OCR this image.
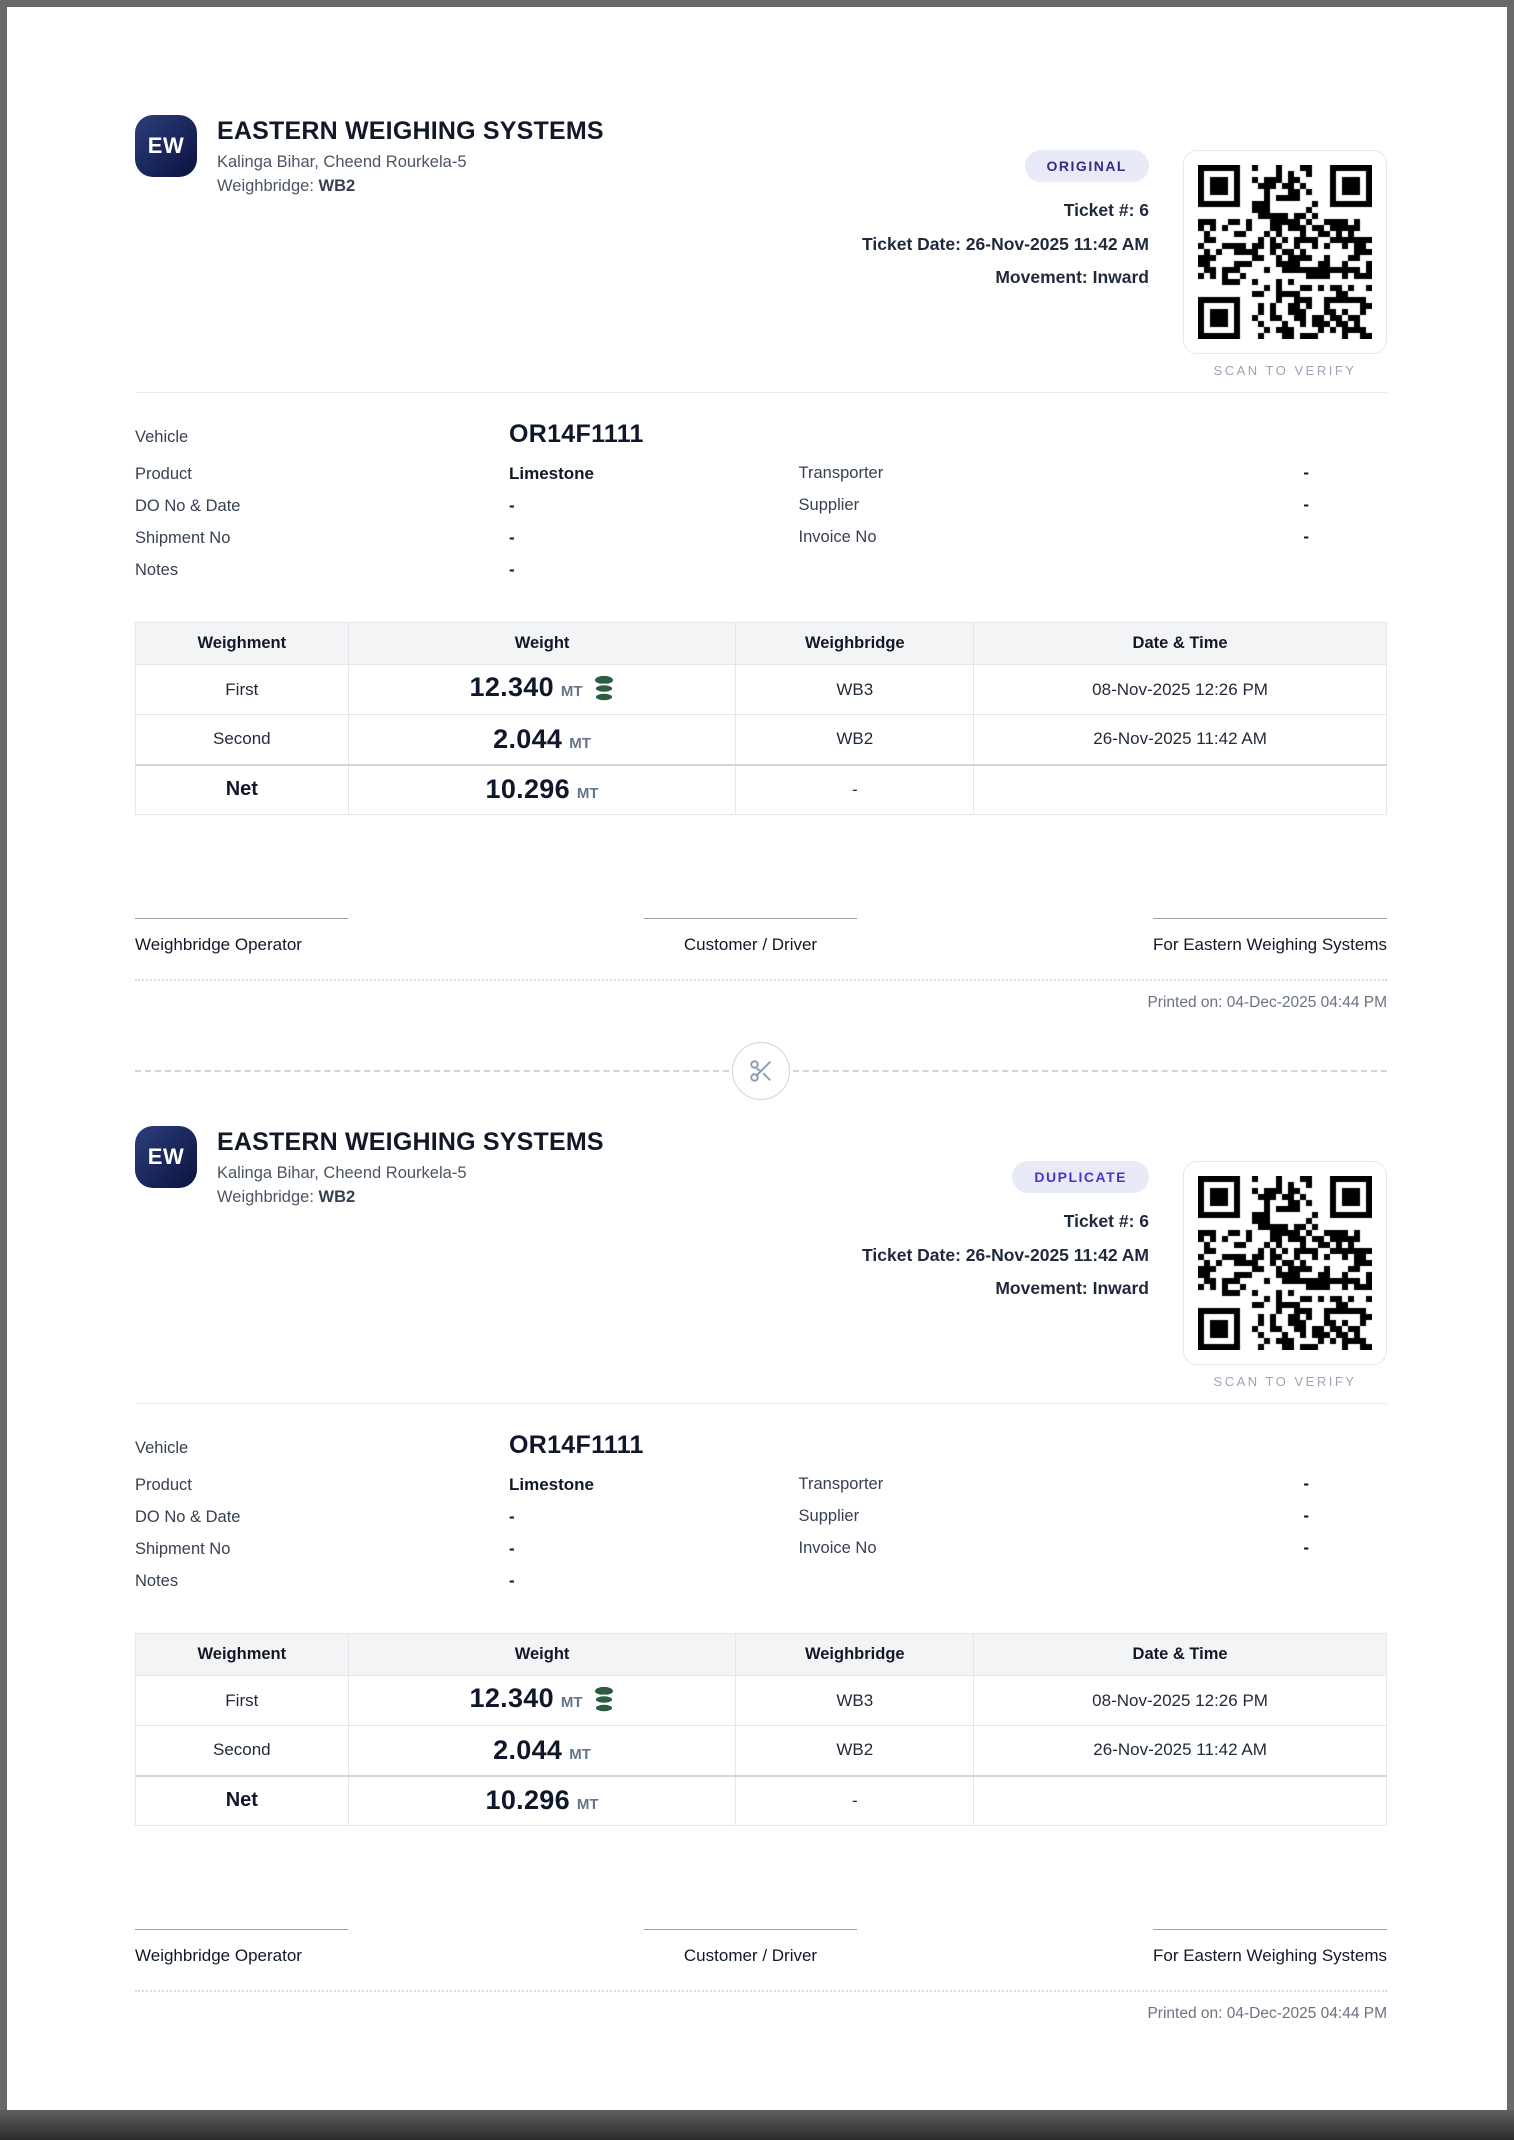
EW
EASTERN WEIGHING SYSTEMS
Kalinga Bihar, Cheend Rourkela-5
Weighbridge: WB2
ORIGINAL
Ticket #: 6
Ticket Date: 26-Nov-2025 11:42 AM
Movement: Inward
SCAN TO VERIFY
Vehicle	OR14F1111
Product	Limestone
DO No & Date	-
Shipment No	-
Notes	-
Transporter	-
Supplier	-
Invoice No	-
Weighment	Weight	Weighbridge	Date & Time
First	12.340 MT	WB3	08-Nov-2025 12:26 PM
Second	2.044 MT	WB2	26-Nov-2025 11:42 AM
Net	10.296 MT	-	
Weighbridge Operator	Customer / Driver	For Eastern Weighing Systems
Printed on: 04-Dec-2025 04:44 PM
EW
EASTERN WEIGHING SYSTEMS
Kalinga Bihar, Cheend Rourkela-5
Weighbridge: WB2
DUPLICATE
Ticket #: 6
Ticket Date: 26-Nov-2025 11:42 AM
Movement: Inward
SCAN TO VERIFY
Vehicle	OR14F1111
Product	Limestone
DO No & Date	-
Shipment No	-
Notes	-
Transporter	-
Supplier	-
Invoice No	-
Weighment	Weight	Weighbridge	Date & Time
First	12.340 MT	WB3	08-Nov-2025 12:26 PM
Second	2.044 MT	WB2	26-Nov-2025 11:42 AM
Net	10.296 MT	-	
Weighbridge Operator	Customer / Driver	For Eastern Weighing Systems
Printed on: 04-Dec-2025 04:44 PM
